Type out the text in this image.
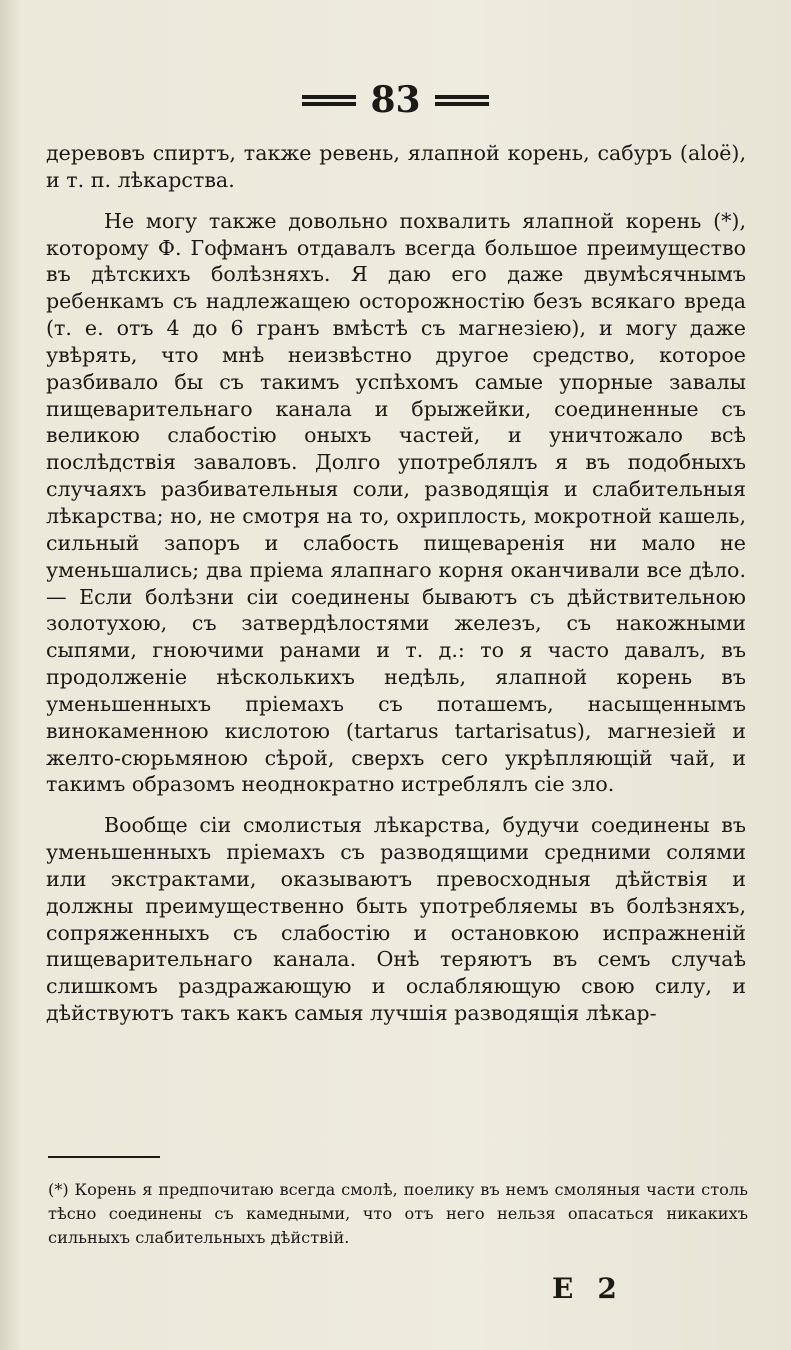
83

деревовъ спиртъ, также ревень, ялапной корень, сабуръ (aloë), и т. п. лѣкарства.

Не могу также довольно похвалить ялапной корень (*), которому Ф. Гофманъ отдавалъ всегда большое преимущество въ дѣтскихъ болѣзняхъ. Я даю его даже двумѣсячнымъ ребенкамъ съ надлежащею осторожностію безъ всякаго вреда (т. е. отъ 4 до 6 гранъ вмѣстѣ съ магнезіею), и могу даже увѣрять, что мнѣ неизвѣстно другое средство, которое разбивало бы съ такимъ успѣхомъ самые упорные завалы пищеварительнаго канала и брыжейки, соединенные съ великою слабостію оныхъ частей, и уничтожало всѣ послѣдствія заваловъ. Долго употреблялъ я въ подобныхъ случаяхъ разбивательныя соли, разводящія и слабительныя лѣкарства; но, не смотря на то, охриплость, мокротной кашель, сильный запоръ и слабость пищеваренія ни мало не уменьшались; два пріема ялапнаго корня оканчивали все дѣло. — Если болѣзни сіи соединены бываютъ съ дѣйствительною золотухою, съ затвердѣлостями железъ, съ накожными сыпями, гноючими ранами и т. д.: то я часто давалъ, въ продолженіе нѣсколькихъ недѣль, ялапной корень въ уменьшенныхъ пріемахъ съ поташемъ, насыщеннымъ винокаменною кислотою (tartarus tartarisatus), магнезіей и желто-сюрьмяною сѣрой, сверхъ сего укрѣпляющій чай, и такимъ образомъ неоднократно истреблялъ сіе зло.

Вообще сіи смолистыя лѣкарства, будучи соединены въ уменьшенныхъ пріемахъ съ разводящими средними солями или экстрактами, оказываютъ превосходныя дѣйствія и должны преимущественно быть употребляемы въ болѣзняхъ, сопряженныхъ съ слабостію и остановкою испражненій пищеварительнаго канала. Онѣ теряютъ въ семъ случаѣ слишкомъ раздражающую и ослабляющую свою силу, и дѣйствуютъ такъ какъ самыя лучшія разводящія лѣкар-

(*) Корень я предпочитаю всегда смолѣ, поелику въ немъ смоляныя части столь тѣсно соединены съ камедными, что отъ него нельзя опасаться никакихъ сильныхъ слабительныхъ дѣйствій.
Е 2
